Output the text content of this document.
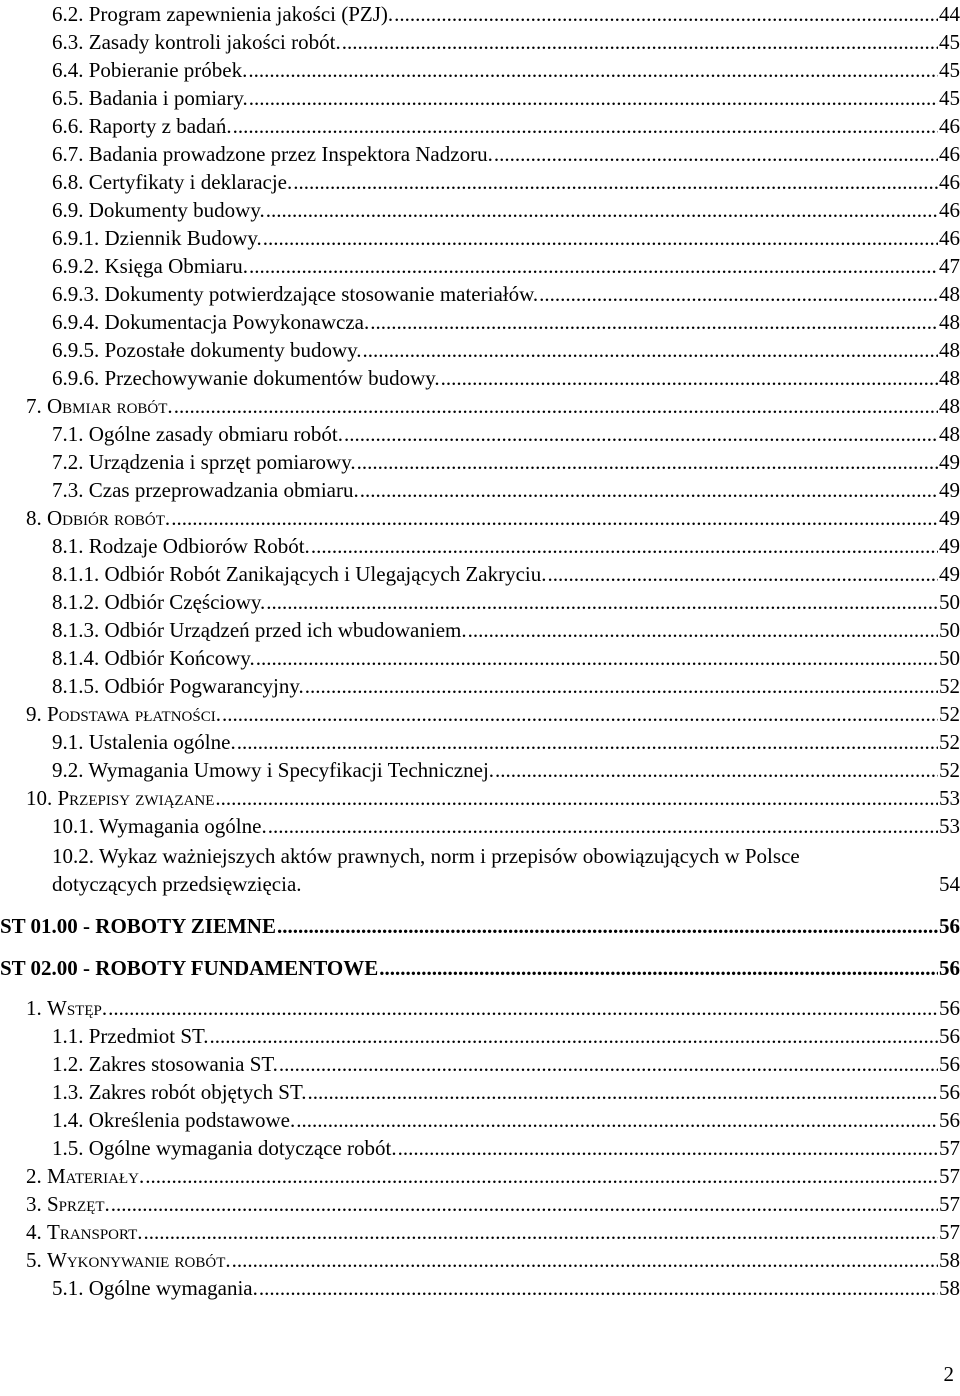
6.2. Program zapewnienia jakości (PZJ). .....	44
6.3. Zasady kontroli jakości robót. .....	45
6.4. Pobieranie próbek. .....	45
6.5. Badania i pomiary. .....	45
6.6. Raporty z badań. .....	46
6.7. Badania prowadzone przez Inspektora Nadzoru. .....	46
6.8. Certyfikaty i deklaracje. .....	46
6.9. Dokumenty budowy. .....	46
6.9.1. Dziennik Budowy. .....	46
6.9.2. Księga Obmiaru. .....	47
6.9.3. Dokumenty potwierdzające stosowanie materiałów. .....	48
6.9.4. Dokumentacja Powykonawcza. .....	48
6.9.5. Pozostałe dokumenty budowy. .....	48
6.9.6. Przechowywanie dokumentów budowy. .....	48
7. Obmiar robót. .....	48
7.1. Ogólne zasady obmiaru robót. .....	48
7.2. Urządzenia i sprzęt pomiarowy. .....	49
7.3. Czas przeprowadzania obmiaru. .....	49
8. Odbiór robót. .....	49
8.1. Rodzaje Odbiorów Robót. .....	49
8.1.1. Odbiór Robót Zanikających i Ulegających Zakryciu. .....	49
8.1.2. Odbiór Częściowy. .....	50
8.1.3. Odbiór Urządzeń przed ich wbudowaniem. .....	50
8.1.4. Odbiór Końcowy. .....	50
8.1.5. Odbiór Pogwarancyjny. .....	52
9. Podstawa płatności. .....	52
9.1. Ustalenia ogólne. .....	52
9.2. Wymagania Umowy i Specyfikacji Technicznej. .....	52
10. Przepisy związane .....	53
10.1. Wymagania ogólne. .....	53
ST 01.00 - ROBOTY ZIEMNE .....	56
ST 02.00 - ROBOTY FUNDAMENTOWE .....	56
1. Wstęp. .....	56
1.1. Przedmiot ST. .....	56
1.2. Zakres stosowania ST. .....	56
1.3. Zakres robót objętych ST. .....	56
1.4. Określenia podstawowe. .....	56
1.5. Ogólne wymagania dotyczące robót. .....	57
2. Materiały. .....	57
3. Sprzęt. .....	57
4. Transport. .....	57
5. Wykonywanie robót. .....	58
5.1. Ogólne wymagania. .....	58
10.2. Wykaz ważniejszych aktów prawnych, norm i przepisów obowiązujących w Polsce
dotyczących przedsięwzięcia.	54
2
